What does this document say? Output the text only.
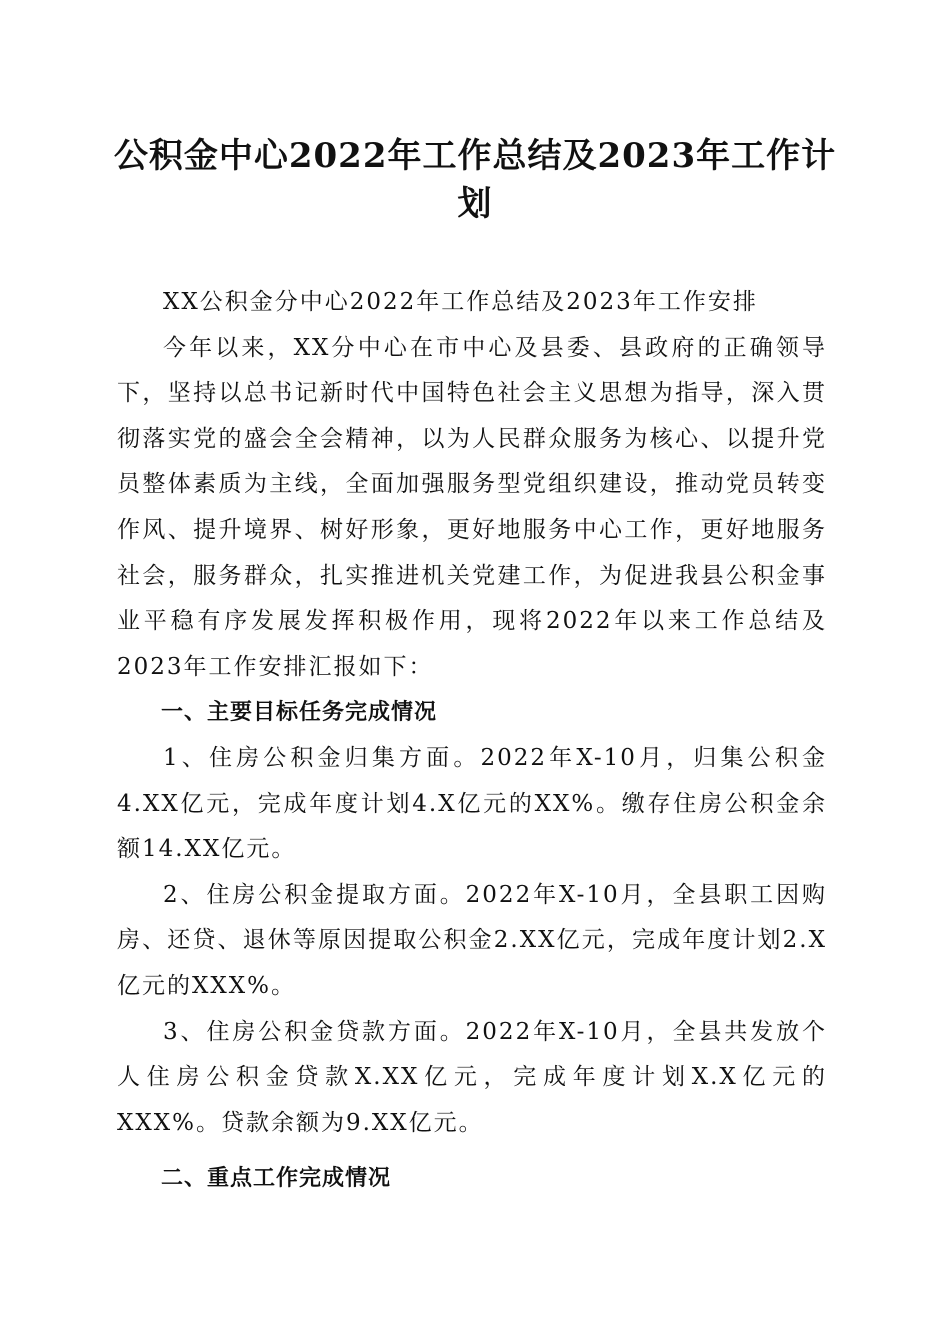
公积金中心2022年工作总结及2023年工作计划

XX公积金分中心2022年工作总结及2023年工作安排

今年以来，XX分中心在市中心及县委、县政府的正确领导下，坚持以总书记新时代中国特色社会主义思想为指导，深入贯彻落实党的盛会全会精神，以为人民群众服务为核心、以提升党员整体素质为主线，全面加强服务型党组织建设，推动党员转变作风、提升境界、树好形象，更好地服务中心工作，更好地服务社会，服务群众，扎实推进机关党建工作，为促进我县公积金事业平稳有序发展发挥积极作用，现将2022年以来工作总结及2023年工作安排汇报如下：

一、主要目标任务完成情况

1、住房公积金归集方面。2022年X-10月，归集公积金4.XX亿元，完成年度计划4.X亿元的XX%。缴存住房公积金余额14.XX亿元。

2、住房公积金提取方面。2022年X-10月，全县职工因购房、还贷、退休等原因提取公积金2.XX亿元，完成年度计划2.X亿元的XXX%。

3、住房公积金贷款方面。2022年X-10月，全县共发放个人住房公积金贷款X.XX亿元，完成年度计划X.X亿元的XXX%。贷款余额为9.XX亿元。

二、重点工作完成情况
